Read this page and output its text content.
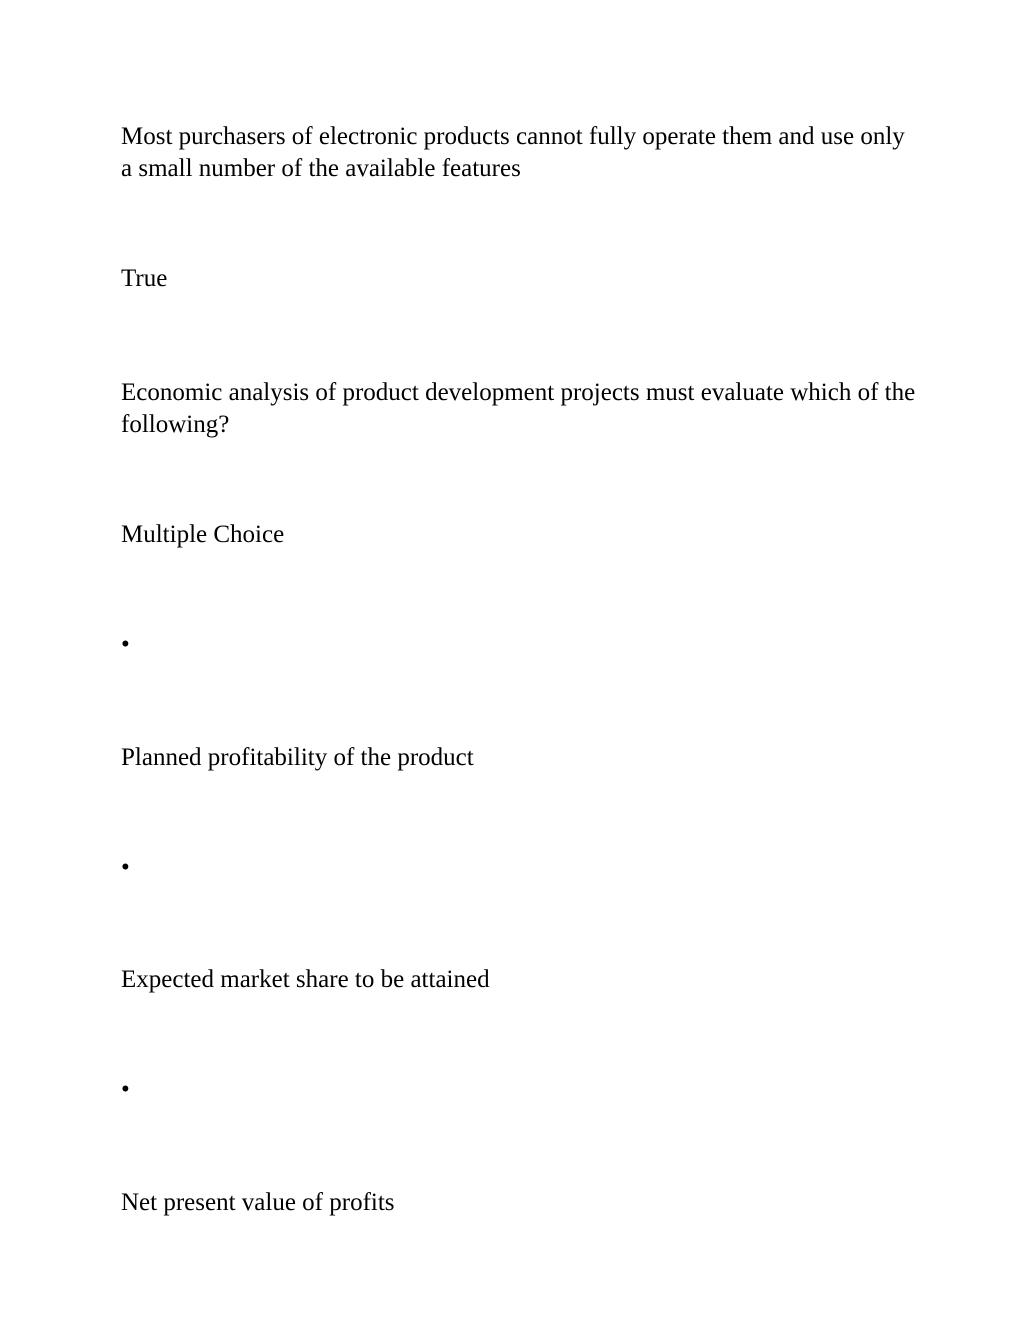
Most purchasers of electronic products cannot fully operate them and use only a small number of the available features
True
Economic analysis of product development projects must evaluate which of the following?
Multiple Choice
•
Planned profitability of the product
•
Expected market share to be attained
•
Net present value of profits
